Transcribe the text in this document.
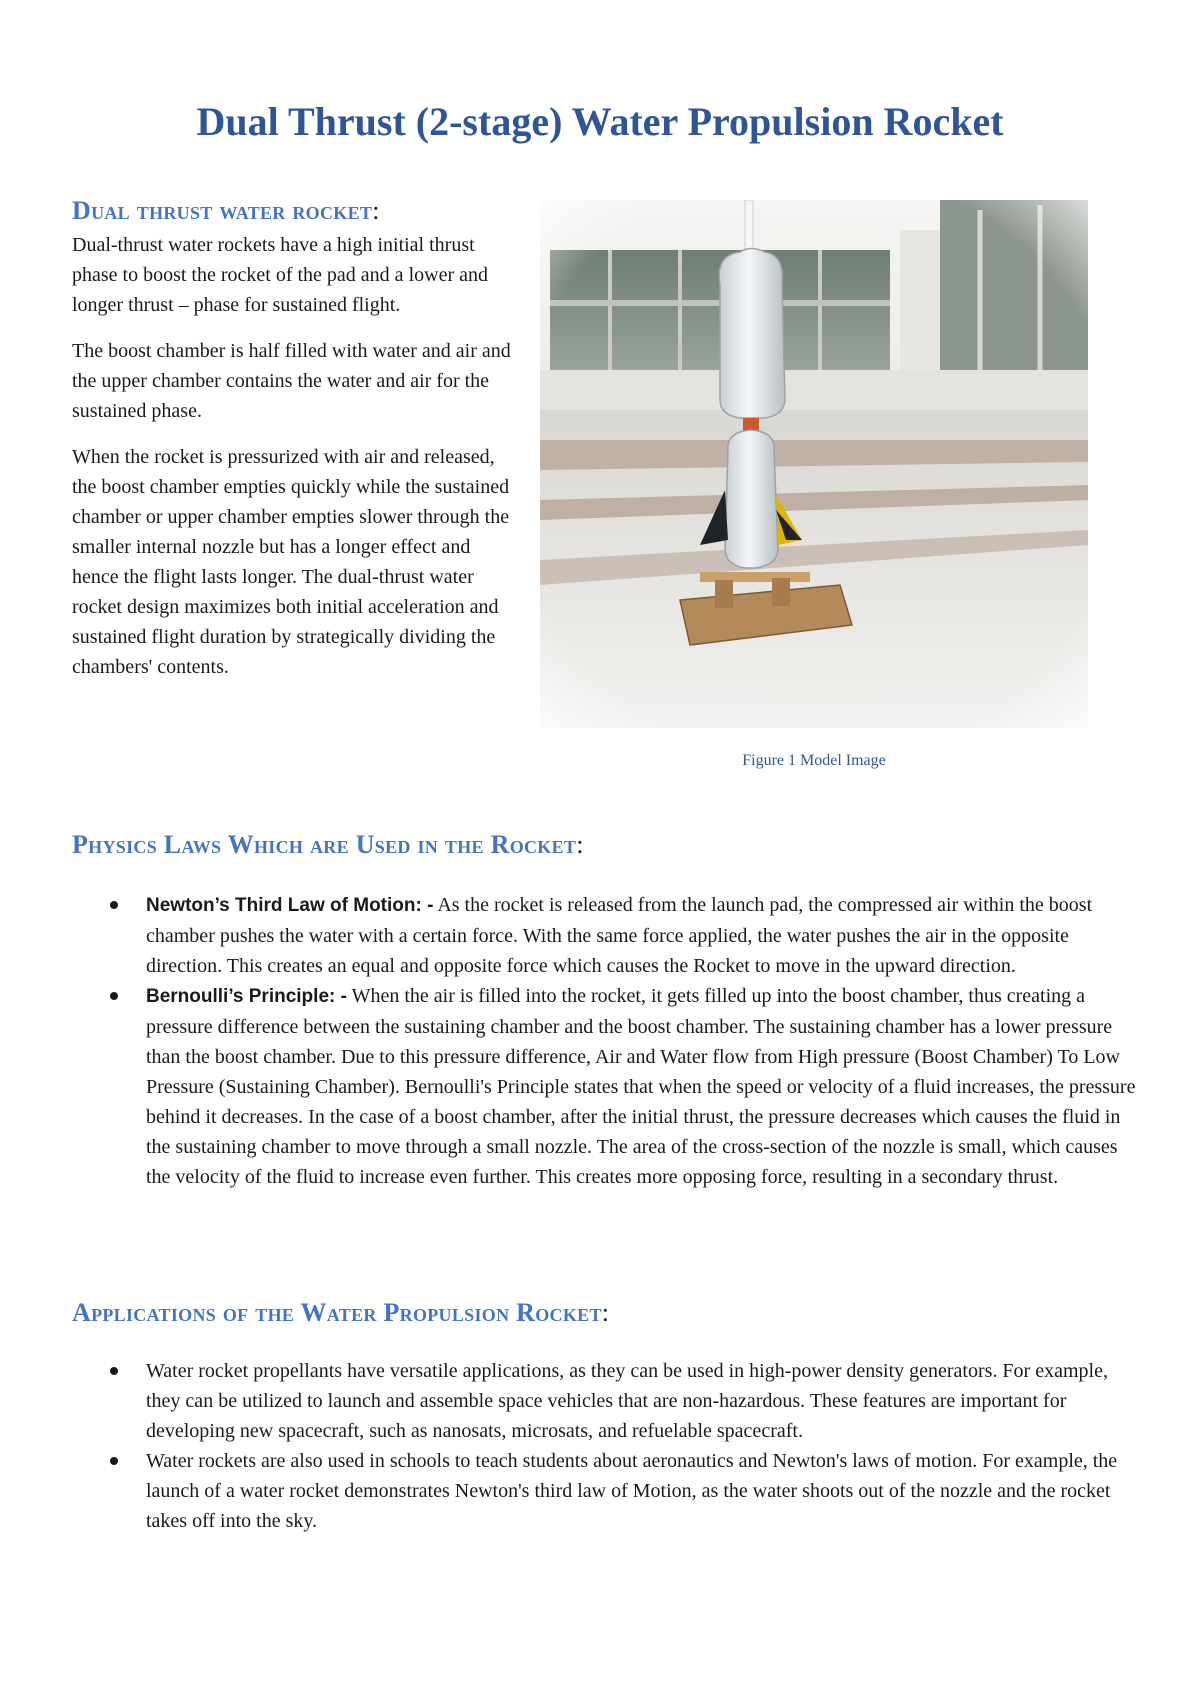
Dual Thrust (2-stage) Water Propulsion Rocket
Dual thrust water rocket:

Dual-thrust water rockets have a high initial thrust phase to boost the rocket of the pad and a lower and longer thrust – phase for sustained flight.

The boost chamber is half filled with water and air and the upper chamber contains the water and air for the sustained phase.

When the rocket is pressurized with air and released, the boost chamber empties quickly while the sustained chamber or upper chamber empties slower through the smaller internal nozzle but has a longer effect and hence the flight lasts longer. The dual-thrust water rocket design maximizes both initial acceleration and sustained flight duration by strategically dividing the chambers' contents.

Figure 1 Model Image
Physics Laws Which are Used in the Rocket:
Newton’s Third Law of Motion: - As the rocket is released from the launch pad, the compressed air within the boost chamber pushes the water with a certain force. With the same force applied, the water pushes the air in the opposite direction. This creates an equal and opposite force which causes the Rocket to move in the upward direction.
Bernoulli’s Principle: - When the air is filled into the rocket, it gets filled up into the boost chamber, thus creating a pressure difference between the sustaining chamber and the boost chamber. The sustaining chamber has a lower pressure than the boost chamber. Due to this pressure difference, Air and Water flow from High pressure (Boost Chamber) To Low Pressure (Sustaining Chamber). Bernoulli's Principle states that when the speed or velocity of a fluid increases, the pressure behind it decreases. In the case of a boost chamber, after the initial thrust, the pressure decreases which causes the fluid in the sustaining chamber to move through a small nozzle. The area of the cross-section of the nozzle is small, which causes the velocity of the fluid to increase even further. This creates more opposing force, resulting in a secondary thrust.
Applications of the Water Propulsion Rocket:
Water rocket propellants have versatile applications, as they can be used in high-power density generators. For example, they can be utilized to launch and assemble space vehicles that are non-hazardous. These features are important for developing new spacecraft, such as nanosats, microsats, and refuelable spacecraft.
Water rockets are also used in schools to teach students about aeronautics and Newton's laws of motion. For example, the launch of a water rocket demonstrates Newton's third law of Motion, as the water shoots out of the nozzle and the rocket takes off into the sky.
